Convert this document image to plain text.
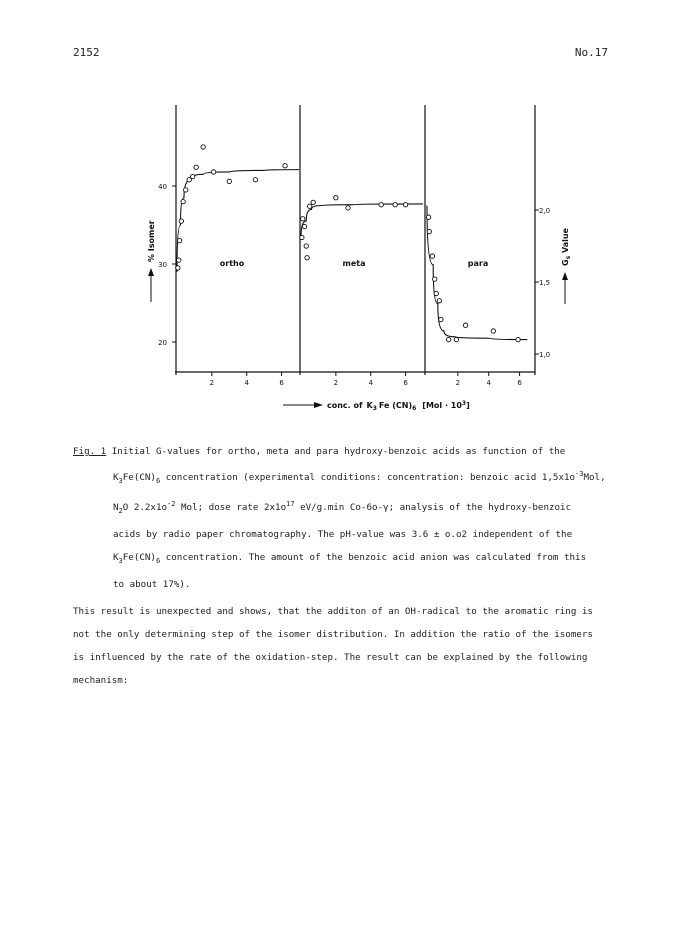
2152	No.17
2	4	6
20
30
40
2	4	6	2	4	6
1,0
1,5
2,0
ortho	meta	para
% Isomer
$G_s$ Value
conc. of $K_3$ Fe $(CN)_6$ $[Mol \cdot 10^3]$

Fig. 1 Initial G-values for ortho, meta and para hydroxy-benzoic acids as function of the

$K_3Fe(CN)_6$ concentration (experimental conditions: concentration: benzoic acid $1,5x1o^{-3}Mol$,

$N_2O$ $2.2x1o^{-2}$ Mol; dose rate $2x1o^{17}$ eV/g.min Co-6o-γ; analysis of the hydroxy-benzoic

acids by radio paper chromatography. The pH-value was 3.6 ± o.o2 independent of the

$K_3Fe(CN)_6$ concentration. The amount of the benzoic acid anion was calculated from this

to about 17%).

This result is unexpected and shows, that the additon of an OH-radical to the aromatic ring is

not the only determining step of the isomer distribution. In addition the ratio of the isomers

is influenced by the rate of the oxidation-step. The result can be explained by the following

mechanism:
